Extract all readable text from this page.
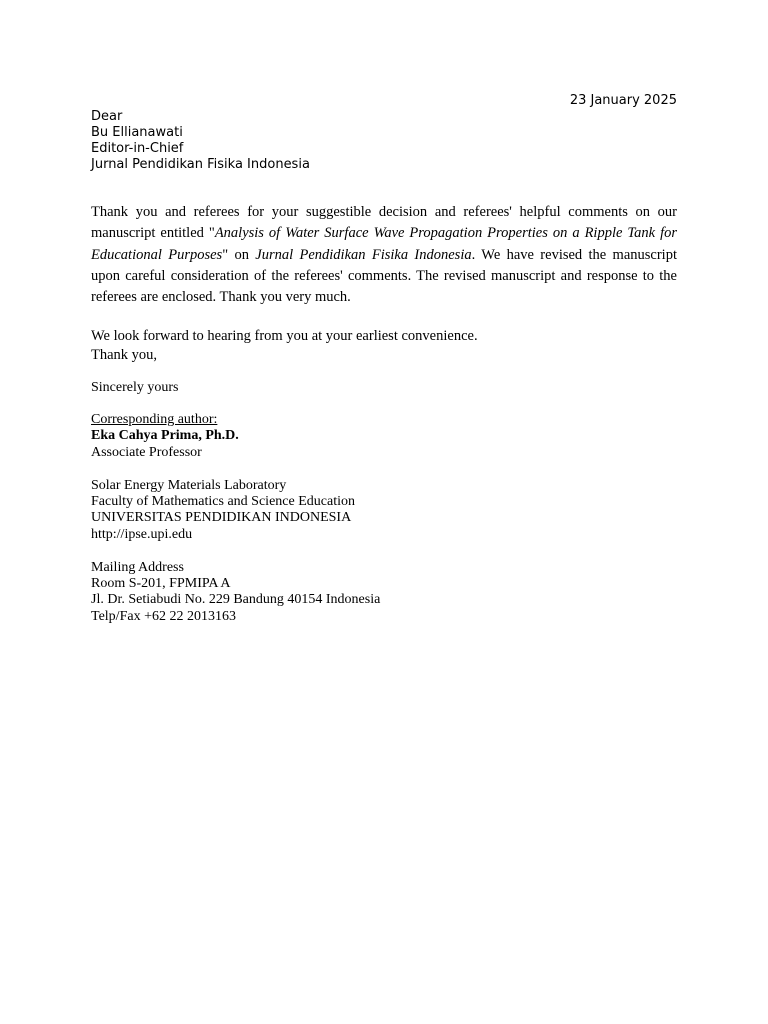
23 January 2025
Dear
Bu Ellianawati
Editor-in-Chief
Jurnal Pendidikan Fisika Indonesia
Thank you and referees for your suggestible decision and referees' helpful comments on our manuscript entitled "Analysis of Water Surface Wave Propagation Properties on a Ripple Tank for Educational Purposes" on Jurnal Pendidikan Fisika Indonesia. We have revised the manuscript upon careful consideration of the referees' comments. The revised manuscript and response to the referees are enclosed. Thank you very much.
We look forward to hearing from you at your earliest convenience.
Thank you,
Sincerely yours
Corresponding author:
Eka Cahya Prima, Ph.D.
Associate Professor
Solar Energy Materials Laboratory
Faculty of Mathematics and Science Education
UNIVERSITAS PENDIDIKAN INDONESIA
http://ipse.upi.edu
Mailing Address
Room S-201, FPMIPA A
Jl. Dr. Setiabudi No. 229 Bandung 40154 Indonesia
Telp/Fax +62 22 2013163
